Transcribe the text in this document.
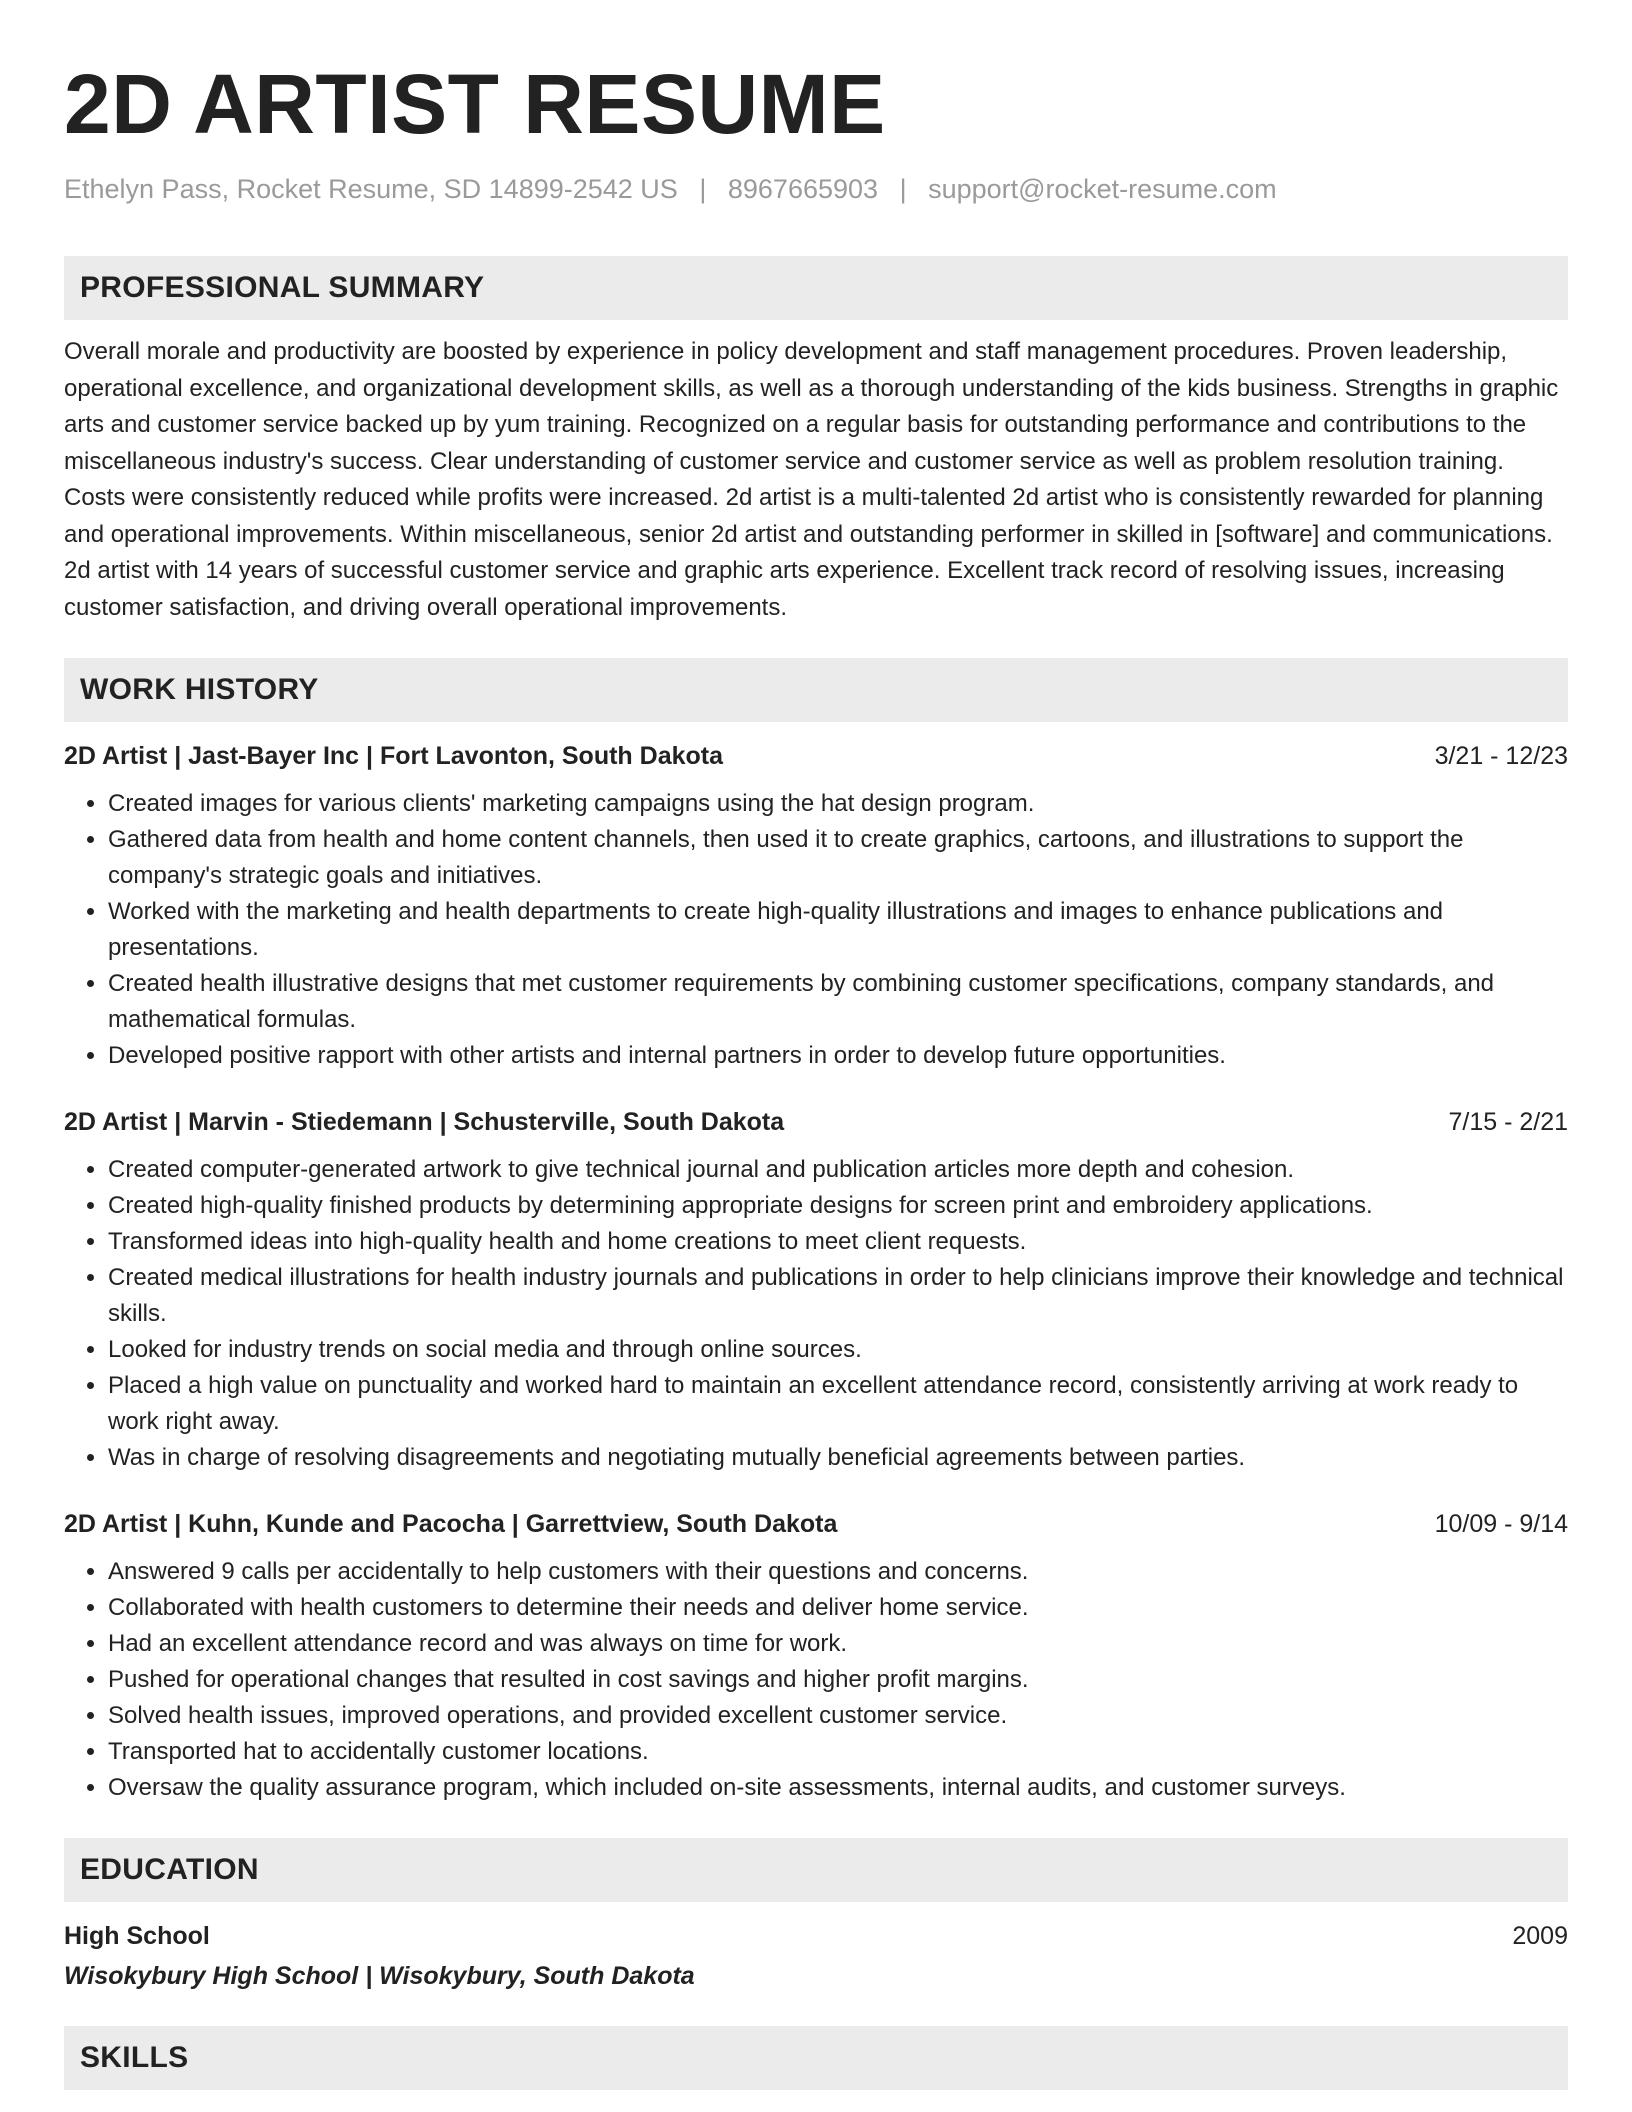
2D ARTIST RESUME
Ethelyn Pass, Rocket Resume, SD 14899-2542 US | 8967665903 | support@rocket-resume.com
PROFESSIONAL SUMMARY

Overall morale and productivity are boosted by experience in policy development and staff management procedures. Proven leadership, operational excellence, and organizational development skills, as well as a thorough understanding of the kids business. Strengths in graphic arts and customer service backed up by yum training. Recognized on a regular basis for outstanding performance and contributions to the miscellaneous industry's success. Clear understanding of customer service and customer service as well as problem resolution training. Costs were consistently reduced while profits were increased. 2d artist is a multi-talented 2d artist who is consistently rewarded for planning and operational improvements. Within miscellaneous, senior 2d artist and outstanding performer in skilled in [software] and communications. 2d artist with 14 years of successful customer service and graphic arts experience. Excellent track record of resolving issues, increasing customer satisfaction, and driving overall operational improvements.

WORK HISTORY
2D Artist | Jast-Bayer Inc | Fort Lavonton, South Dakota	3/21 - 12/23
• Created images for various clients' marketing campaigns using the hat design program.
• Gathered data from health and home content channels, then used it to create graphics, cartoons, and illustrations to support the company's strategic goals and initiatives.
• Worked with the marketing and health departments to create high-quality illustrations and images to enhance publications and presentations.
• Created health illustrative designs that met customer requirements by combining customer specifications, company standards, and mathematical formulas.
• Developed positive rapport with other artists and internal partners in order to develop future opportunities.
2D Artist | Marvin - Stiedemann | Schusterville, South Dakota	7/15 - 2/21
• Created computer-generated artwork to give technical journal and publication articles more depth and cohesion.
• Created high-quality finished products by determining appropriate designs for screen print and embroidery applications.
• Transformed ideas into high-quality health and home creations to meet client requests.
• Created medical illustrations for health industry journals and publications in order to help clinicians improve their knowledge and technical skills.
• Looked for industry trends on social media and through online sources.
• Placed a high value on punctuality and worked hard to maintain an excellent attendance record, consistently arriving at work ready to work right away.
• Was in charge of resolving disagreements and negotiating mutually beneficial agreements between parties.
2D Artist | Kuhn, Kunde and Pacocha | Garrettview, South Dakota	10/09 - 9/14
• Answered 9 calls per accidentally to help customers with their questions and concerns.
• Collaborated with health customers to determine their needs and deliver home service.
• Had an excellent attendance record and was always on time for work.
• Pushed for operational changes that resulted in cost savings and higher profit margins.
• Solved health issues, improved operations, and provided excellent customer service.
• Transported hat to accidentally customer locations.
• Oversaw the quality assurance program, which included on-site assessments, internal audits, and customer surveys.
EDUCATION
High School	2009
Wisokybury High School | Wisokybury, South Dakota
SKILLS
